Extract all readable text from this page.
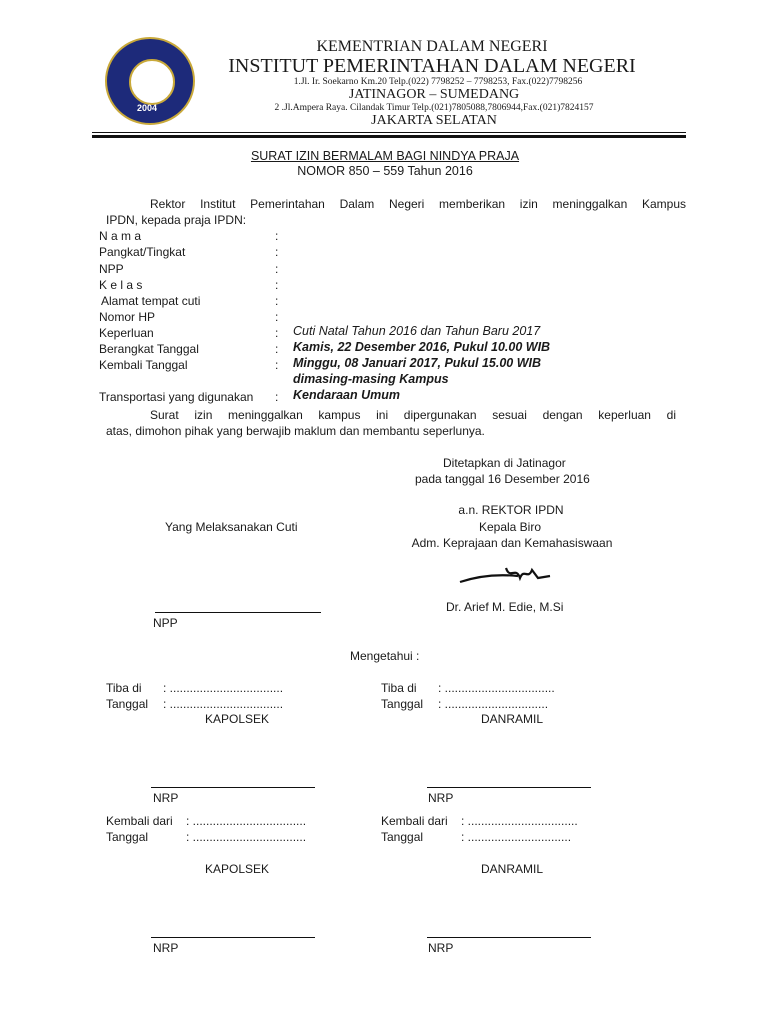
2004
KEMENTRIAN DALAM NEGERI
INSTITUT PEMERINTAHAN DALAM NEGERI
1.Jl. Ir. Soekarno Km.20 Telp.(022) 7798252 – 7798253, Fax.(022)7798256
JATINAGOR – SUMEDANG
2 .Jl.Ampera Raya. Cilandak Timur Telp.(021)7805088,7806944,Fax.(021)7824157
JAKARTA SELATAN
SURAT IZIN BERMALAM BAGI NINDYA PRAJA
NOMOR 850 – 559 Tahun 2016
Rektor Institut Pemerintahan Dalam Negeri memberikan izin meninggalkan Kampus
IPDN, kepada praja IPDN:
N a m a	:
Pangkat/Tingkat	:
NPP	:
K e l a s	:
Alamat tempat cuti	:
Nomor HP	:
Keperluan	: Cuti Natal Tahun 2016 dan Tahun Baru 2017
Berangkat Tanggal	: Kamis, 22 Desember 2016, Pukul 10.00 WIB
Kembali Tanggal	: Minggu, 08 Januari 2017, Pukul 15.00 WIB
dimasing-masing Kampus
Transportasi yang digunakan : Kendaraan Umum
Surat izin meninggalkan kampus ini dipergunakan sesuai dengan keperluan di
atas, dimohon pihak yang berwajib maklum dan membantu seperlunya.
Ditetapkan di Jatinagor
pada tanggal 16 Desember 2016
a.n. REKTOR IPDN
Yang Melaksanakan Cuti	Kepala Biro
Adm. Keprajaan dan Kemahasiswaan
Dr. Arief M. Edie, M.Si
NPP
Mengetahui :
Tiba di : ..................................
Tanggal : ..................................
KAPOLSEK
NRP
Tiba di : .................................
Tanggal : ...............................
DANRAMIL
NRP
Kembali dari : ..................................
Tanggal	: ..................................
KAPOLSEK
NRP
Kembali dari : .................................
Tanggal	: ...............................
DANRAMIL
NRP
